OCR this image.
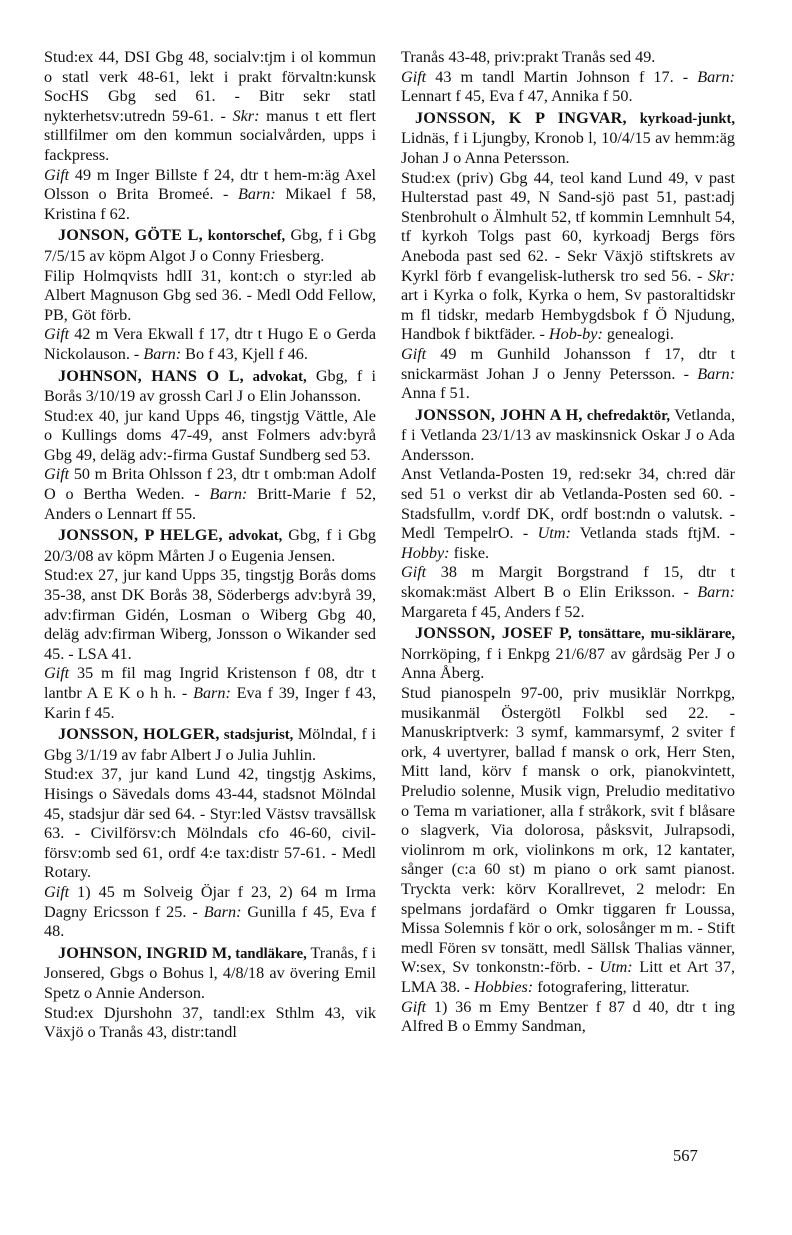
Stud:ex 44, DSI Gbg 48, socialv:tjm i ol kommun o statl verk 48-61, lekt i prakt förvaltn:kunsk SocHS Gbg sed 61. - Bitr sekr statl nykterhetsv:utredn 59-61. - Skr: manus t ett flert stillfilmer om den kommun socialvården, upps i fackpress.

Gift 49 m Inger Billste f 24, dtr t hem-m:äg Axel Olsson o Brita Bromeé. - Barn: Mikael f 58, Kristina f 62.

JONSON, GÖTE L, kontorschef, Gbg, f i Gbg 7/5/15 av köpm Algot J o Conny Friesberg.

Filip Holmqvists hdlI 31, kont:ch o styr:led ab Albert Magnuson Gbg sed 36. - Medl Odd Fellow, PB, Göt förb.

Gift 42 m Vera Ekwall f 17, dtr t Hugo E o Gerda Nickolauson. - Barn: Bo f 43, Kjell f 46.

JOHNSON, HANS O L, advokat, Gbg, f i Borås 3/10/19 av grossh Carl J o Elin Johansson.

Stud:ex 40, jur kand Upps 46, tingstjg Vättle, Ale o Kullings doms 47-49, anst Folmers adv:byrå Gbg 49, deläg adv:-firma Gustaf Sundberg sed 53.

Gift 50 m Brita Ohlsson f 23, dtr t omb:man Adolf O o Bertha Weden. - Barn: Britt-Marie f 52, Anders o Lennart ff 55.

JONSSON, P HELGE, advokat, Gbg, f i Gbg 20/3/08 av köpm Mårten J o Eugenia Jensen.

Stud:ex 27, jur kand Upps 35, tingstjg Borås doms 35-38, anst DK Borås 38, Söderbergs adv:byrå 39, adv:firman Gidén, Losman o Wiberg Gbg 40, deläg adv:firman Wiberg, Jonsson o Wikander sed 45. - LSA 41.

Gift 35 m fil mag Ingrid Kristenson f 08, dtr t lantbr A E K o h h. - Barn: Eva f 39, Inger f 43, Karin f 45.

JONSSON, HOLGER, stadsjurist, Mölndal, f i Gbg 3/1/19 av fabr Albert J o Julia Juhlin.

Stud:ex 37, jur kand Lund 42, tingstjg Askims, Hisings o Sävedals doms 43-44, stadsnot Mölndal 45, stadsjur där sed 64. - Styr:led Västsv travsällsk 63. - Civilförsv:ch Mölndals cfo 46-60, civil-försv:omb sed 61, ordf 4:e tax:distr 57-61. - Medl Rotary.

Gift 1) 45 m Solveig Öjar f 23, 2) 64 m Irma Dagny Ericsson f 25. - Barn: Gunilla f 45, Eva f 48.

JOHNSON, INGRID M, tandläkare, Tranås, f i Jonsered, Gbgs o Bohus l, 4/8/18 av övering Emil Spetz o Annie Anderson.

Stud:ex Djurshohn 37, tandl:ex Sthlm 43, vik Växjö o Tranås 43, distr:tandl

Tranås 43-48, priv:prakt Tranås sed 49.

Gift 43 m tandl Martin Johnson f 17. - Barn: Lennart f 45, Eva f 47, Annika f 50.

JONSSON, K P INGVAR, kyrkoad-junkt, Lidnäs, f i Ljungby, Kronob l, 10/4/15 av hemm:äg Johan J o Anna Petersson.

Stud:ex (priv) Gbg 44, teol kand Lund 49, v past Hulterstad past 49, N Sand-sjö past 51, past:adj Stenbrohult o Älmhult 52, tf kommin Lemnhult 54, tf kyrkoh Tolgs past 60, kyrkoadj Bergs förs Aneboda past sed 62. - Sekr Växjö stiftskrets av Kyrkl förb f evangelisk-luthersk tro sed 56. - Skr: art i Kyrka o folk, Kyrka o hem, Sv pastoraltidskr m fl tidskr, medarb Hembygdsbok f Ö Njudung, Handbok f biktfäder. - Hob-by: genealogi.

Gift 49 m Gunhild Johansson f 17, dtr t snickarmäst Johan J o Jenny Petersson. - Barn: Anna f 51.

JONSSON, JOHN A H, chefredaktör, Vetlanda, f i Vetlanda 23/1/13 av maskinsnick Oskar J o Ada Andersson.

Anst Vetlanda-Posten 19, red:sekr 34, ch:red där sed 51 o verkst dir ab Vetlanda-Posten sed 60. - Stadsfullm, v.ordf DK, ordf bost:ndn o valutsk. - Medl TempelrO. - Utm: Vetlanda stads ftjM. - Hobby: fiske.

Gift 38 m Margit Borgstrand f 15, dtr t skomak:mäst Albert B o Elin Eriksson. - Barn: Margareta f 45, Anders f 52.

JONSSON, JOSEF P, tonsättare, mu-siklärare, Norrköping, f i Enkpg 21/6/87 av gårdsäg Per J o Anna Åberg.

Stud pianospeln 97-00, priv musiklär Norrkpg, musikanmäl Östergötl Folkbl sed 22. - Manuskriptverk: 3 symf, kammarsymf, 2 sviter f ork, 4 uvertyrer, ballad f mansk o ork, Herr Sten, Mitt land, körv f mansk o ork, pianokvintett, Preludio solenne, Musik vign, Preludio meditativo o Tema m variationer, alla f stråkork, svit f blåsare o slagverk, Via dolorosa, påsksvit, Julrapsodi, violinrom m ork, violinkons m ork, 12 kantater, sånger (c:a 60 st) m piano o ork samt pianost. Tryckta verk: körv Korallrevet, 2 melodr: En spelmans jordafärd o Omkr tiggaren fr Loussa, Missa Solemnis f kör o ork, solosånger m m. - Stift medl Fören sv tonsätt, medl Sällsk Thalias vänner, W:sex, Sv tonkonstn:-förb. - Utm: Litt et Art 37, LMA 38. - Hobbies: fotografering, litteratur.

Gift 1) 36 m Emy Bentzer f 87 d 40, dtr t ing Alfred B o Emmy Sandman,

567
